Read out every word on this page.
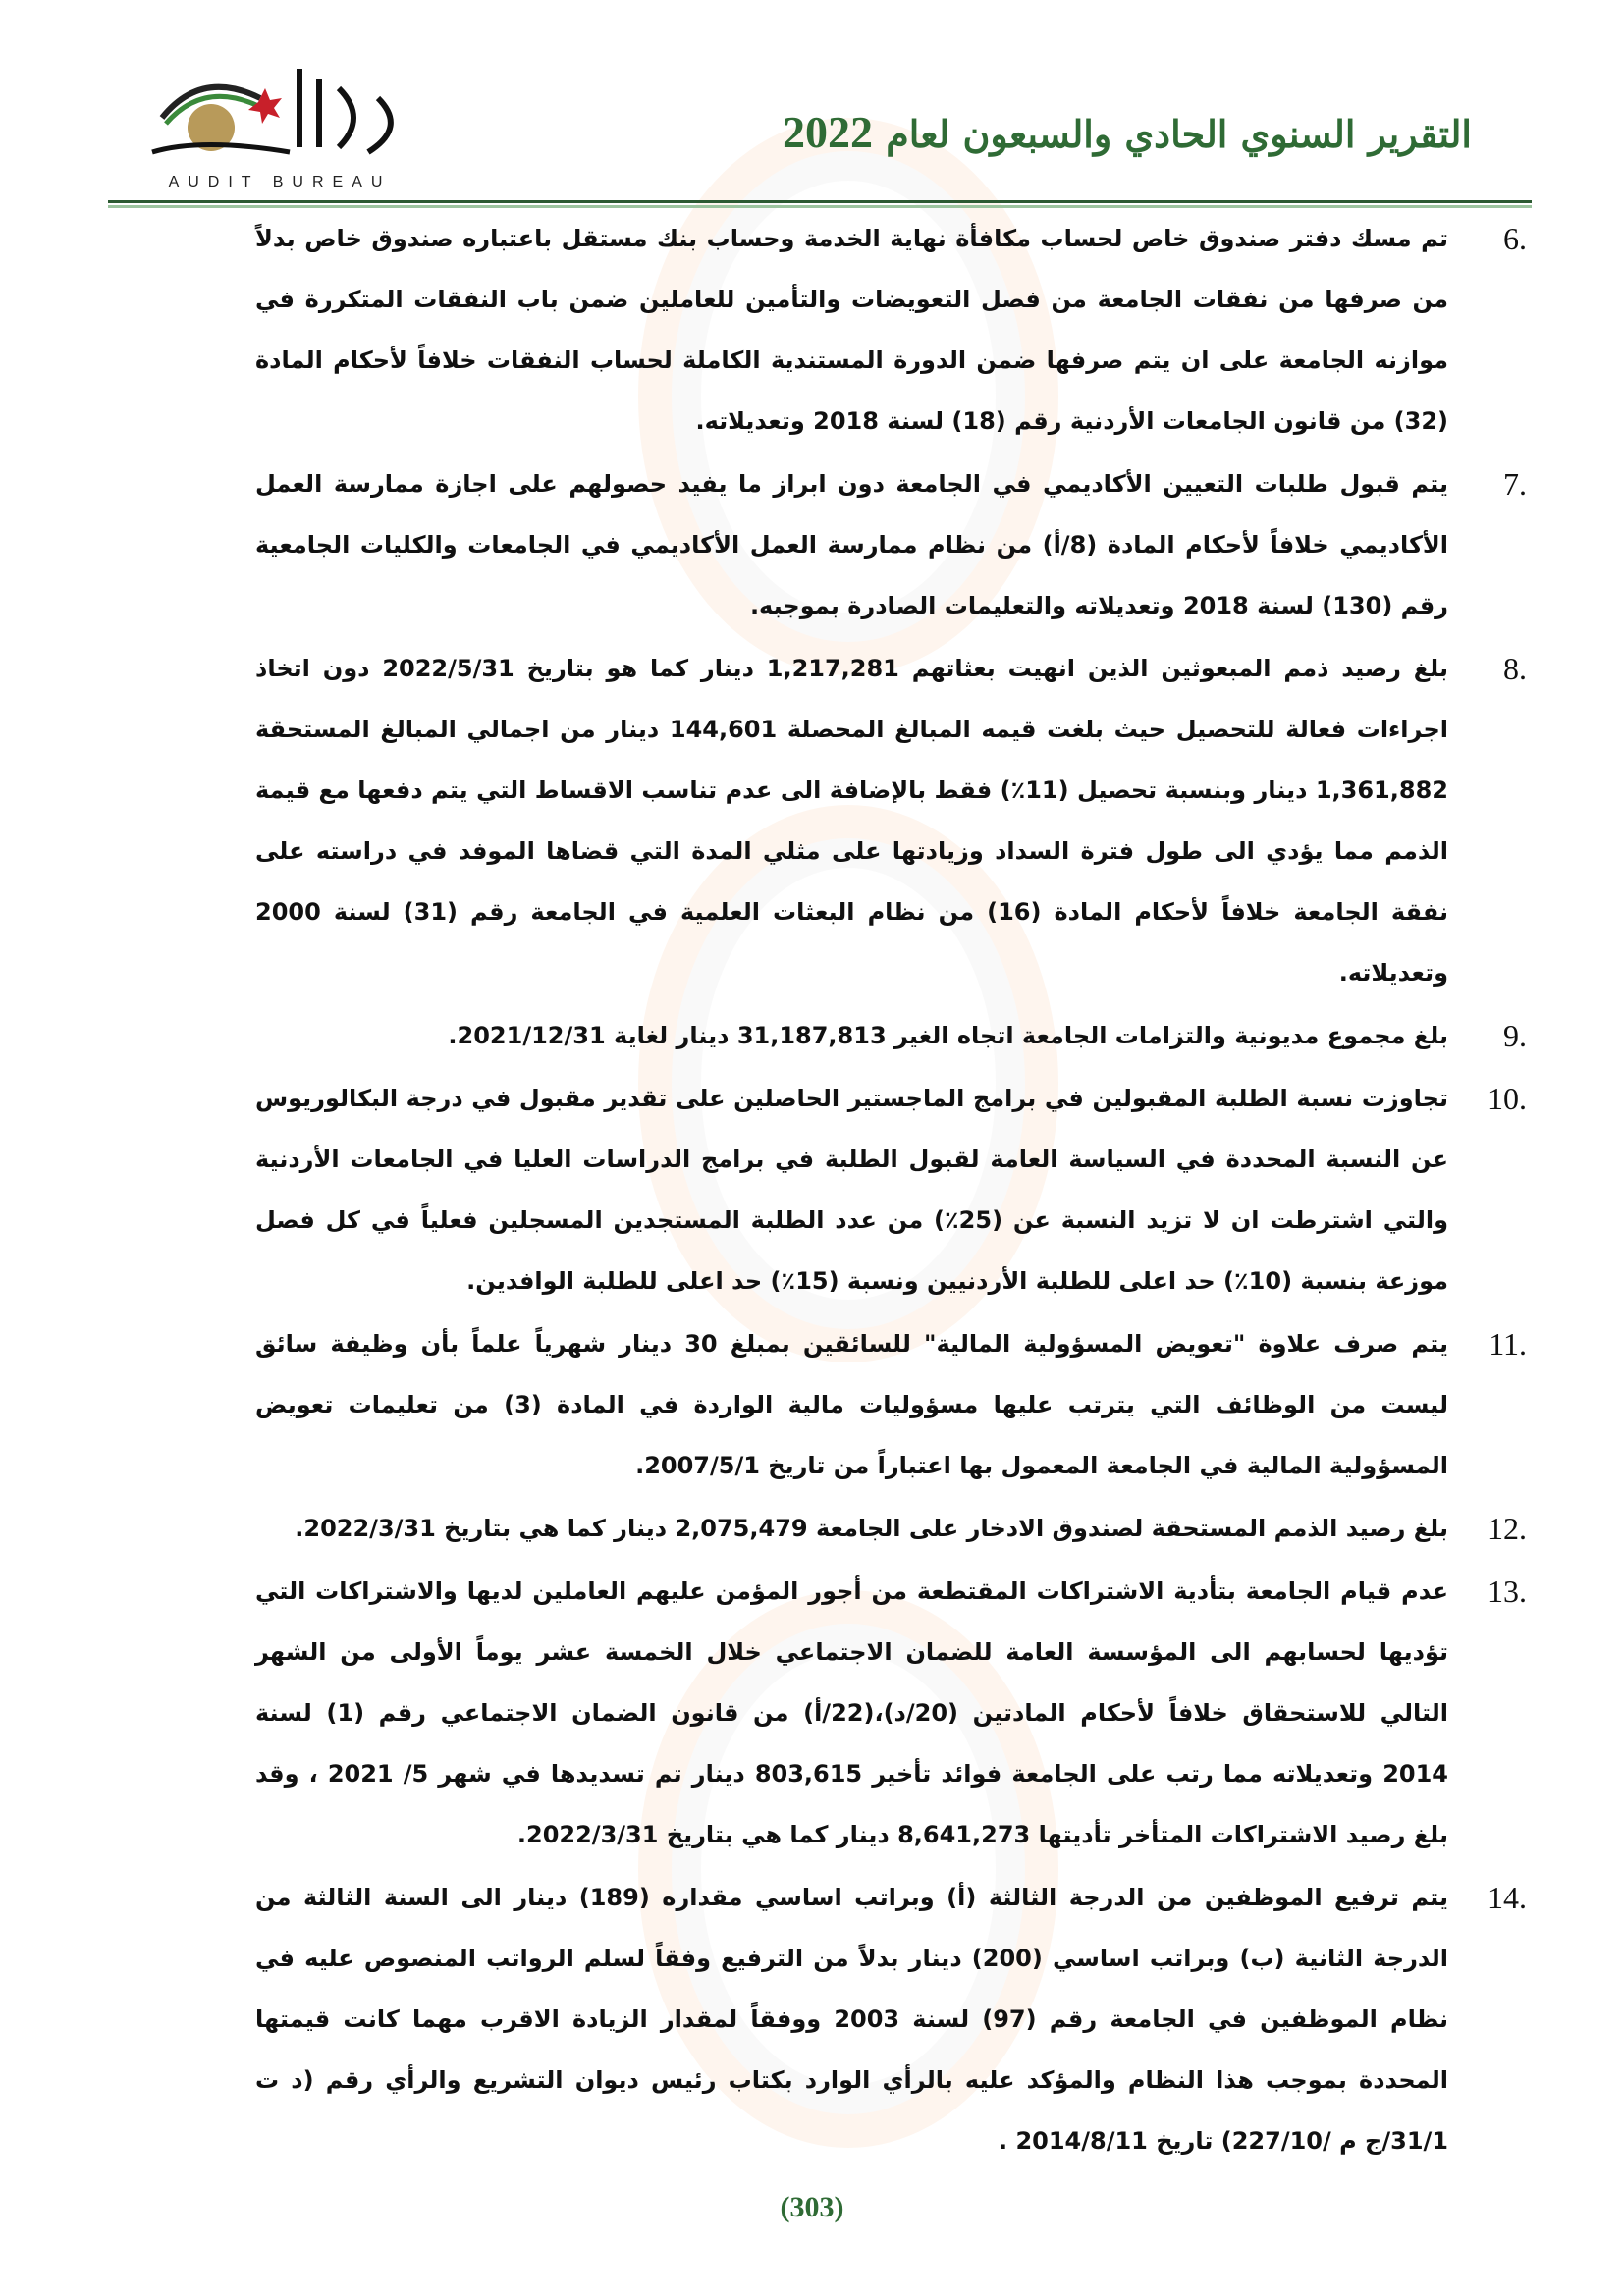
AUDIT BUREAU
التقرير السنوي الحادي والسبعون لعام 2022
6.
تم مسك دفتر صندوق خاص لحساب مكافأة نهاية الخدمة وحساب بنك مستقل باعتباره صندوق خاص بدلاً من صرفها من نفقات الجامعة من فصل التعويضات والتأمين للعاملين ضمن باب النفقات المتكررة في موازنه الجامعة على ان يتم صرفها ضمن الدورة المستندية الكاملة لحساب النفقات خلافاً لأحكام المادة (32) من قانون الجامعات الأردنية رقم (18) لسنة 2018 وتعديلاته.
7.
يتم قبول طلبات التعيين الأكاديمي في الجامعة دون ابراز ما يفيد حصولهم على اجازة ممارسة العمل الأكاديمي خلافاً لأحكام المادة (8/أ) من نظام ممارسة العمل الأكاديمي في الجامعات والكليات الجامعية رقم (130) لسنة 2018 وتعديلاته والتعليمات الصادرة بموجبه.
8.
بلغ رصيد ذمم المبعوثين الذين انهيت بعثاتهم 1,217,281 دينار كما هو بتاريخ 2022/5/31 دون اتخاذ اجراءات فعالة للتحصيل حيث بلغت قيمه المبالغ المحصلة 144,601 دينار من اجمالي المبالغ المستحقة 1,361,882 دينار وبنسبة تحصيل (11٪) فقط بالإضافة الى عدم تناسب الاقساط التي يتم دفعها مع قيمة الذمم مما يؤدي الى طول فترة السداد وزيادتها على مثلي المدة التي قضاها الموفد في دراسته على نفقة الجامعة خلافاً لأحكام المادة (16) من نظام البعثات العلمية في الجامعة رقم (31) لسنة 2000 وتعديلاته.
9.
بلغ مجموع مديونية والتزامات الجامعة اتجاه الغير 31,187,813 دينار لغاية 2021/12/31.
10.
تجاوزت نسبة الطلبة المقبولين في برامج الماجستير الحاصلين على تقدير مقبول في درجة البكالوريوس عن النسبة المحددة في السياسة العامة لقبول الطلبة في برامج الدراسات العليا في الجامعات الأردنية والتي اشترطت ان لا تزيد النسبة عن (25٪) من عدد الطلبة المستجدين المسجلين فعلياً في كل فصل موزعة بنسبة (10٪) حد اعلى للطلبة الأردنيين ونسبة (15٪) حد اعلى للطلبة الوافدين.
11.
يتم صرف علاوة "تعويض المسؤولية المالية" للسائقين بمبلغ 30 دينار شهرياً علماً بأن وظيفة سائق ليست من الوظائف التي يترتب عليها مسؤوليات مالية الواردة في المادة (3) من تعليمات تعويض المسؤولية المالية في الجامعة المعمول بها اعتباراً من تاريخ 2007/5/1.
12.
بلغ رصيد الذمم المستحقة لصندوق الادخار على الجامعة 2,075,479 دينار كما هي بتاريخ 2022/3/31.
13.
عدم قيام الجامعة بتأدية الاشتراكات المقتطعة من أجور المؤمن عليهم العاملين لديها والاشتراكات التي تؤديها لحسابهم الى المؤسسة العامة للضمان الاجتماعي خلال الخمسة عشر يوماً الأولى من الشهر التالي للاستحقاق خلافاً لأحكام المادتين (20/د)،(22/أ) من قانون الضمان الاجتماعي رقم (1) لسنة 2014 وتعديلاته مما رتب على الجامعة فوائد تأخير 803,615 دينار تم تسديدها في شهر 5/ 2021 ، وقد بلغ رصيد الاشتراكات المتأخر تأديتها 8,641,273 دينار كما هي بتاريخ 2022/3/31.
14.
يتم ترفيع الموظفين من الدرجة الثالثة (أ) وبراتب اساسي مقداره (189) دينار الى السنة الثالثة من الدرجة الثانية (ب) وبراتب اساسي (200) دينار بدلاً من الترفيع وفقاً لسلم الرواتب المنصوص عليه في نظام الموظفين في الجامعة رقم (97) لسنة 2003 ووفقاً لمقدار الزيادة الاقرب مهما كانت قيمتها المحددة بموجب هذا النظام والمؤكد عليه بالرأي الوارد بكتاب رئيس ديوان التشريع والرأي رقم (د ت 31/1/ج م /227/10) تاريخ 2014/8/11 .
(303)
